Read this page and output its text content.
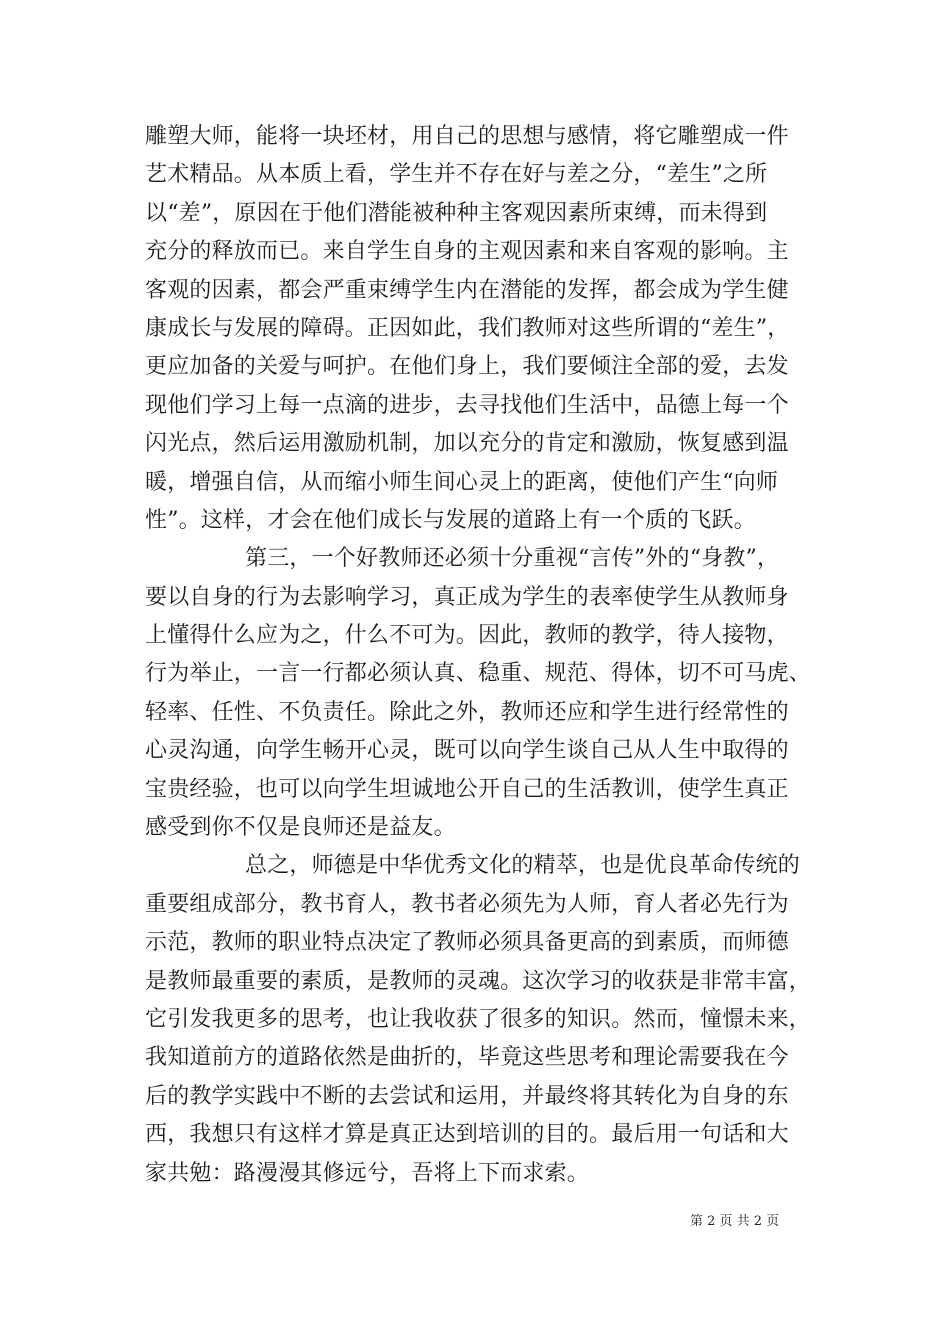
雕塑大师，能将一块坯材，用自己的思想与感情，将它雕塑成一件
艺术精品。从本质上看，学生并不存在好与差之分，“差生”之所
以“差”，原因在于他们潜能被种种主客观因素所束缚，而未得到
充分的释放而已。来自学生自身的主观因素和来自客观的影响。主
客观的因素，都会严重束缚学生内在潜能的发挥，都会成为学生健
康成长与发展的障碍。正因如此，我们教师对这些所谓的“差生”，
更应加备的关爱与呵护。在他们身上，我们要倾注全部的爱，去发
现他们学习上每一点滴的进步，去寻找他们生活中，品德上每一个
闪光点，然后运用激励机制，加以充分的肯定和激励，恢复感到温
暖，增强自信，从而缩小师生间心灵上的距离，使他们产生“向师
性”。这样，才会在他们成长与发展的道路上有一个质的飞跃。
第三，一个好教师还必须十分重视“言传”外的“身教”，
要以自身的行为去影响学习，真正成为学生的表率使学生从教师身
上懂得什么应为之，什么不可为。因此，教师的教学，待人接物，
行为举止，一言一行都必须认真、稳重、规范、得体，切不可马虎、
轻率、任性、不负责任。除此之外，教师还应和学生进行经常性的
心灵沟通，向学生畅开心灵，既可以向学生谈自己从人生中取得的
宝贵经验，也可以向学生坦诚地公开自己的生活教训，使学生真正
感受到你不仅是良师还是益友。
总之，师德是中华优秀文化的精萃，也是优良革命传统的
重要组成部分，教书育人，教书者必须先为人师，育人者必先行为
示范，教师的职业特点决定了教师必须具备更高的到素质，而师德
是教师最重要的素质，是教师的灵魂。这次学习的收获是非常丰富，
它引发我更多的思考，也让我收获了很多的知识。然而，憧憬未来，
我知道前方的道路依然是曲折的，毕竟这些思考和理论需要我在今
后的教学实践中不断的去尝试和运用，并最终将其转化为自身的东
西，我想只有这样才算是真正达到培训的目的。最后用一句话和大
家共勉：路漫漫其修远兮，吾将上下而求索。
第 2 页 共 2 页
